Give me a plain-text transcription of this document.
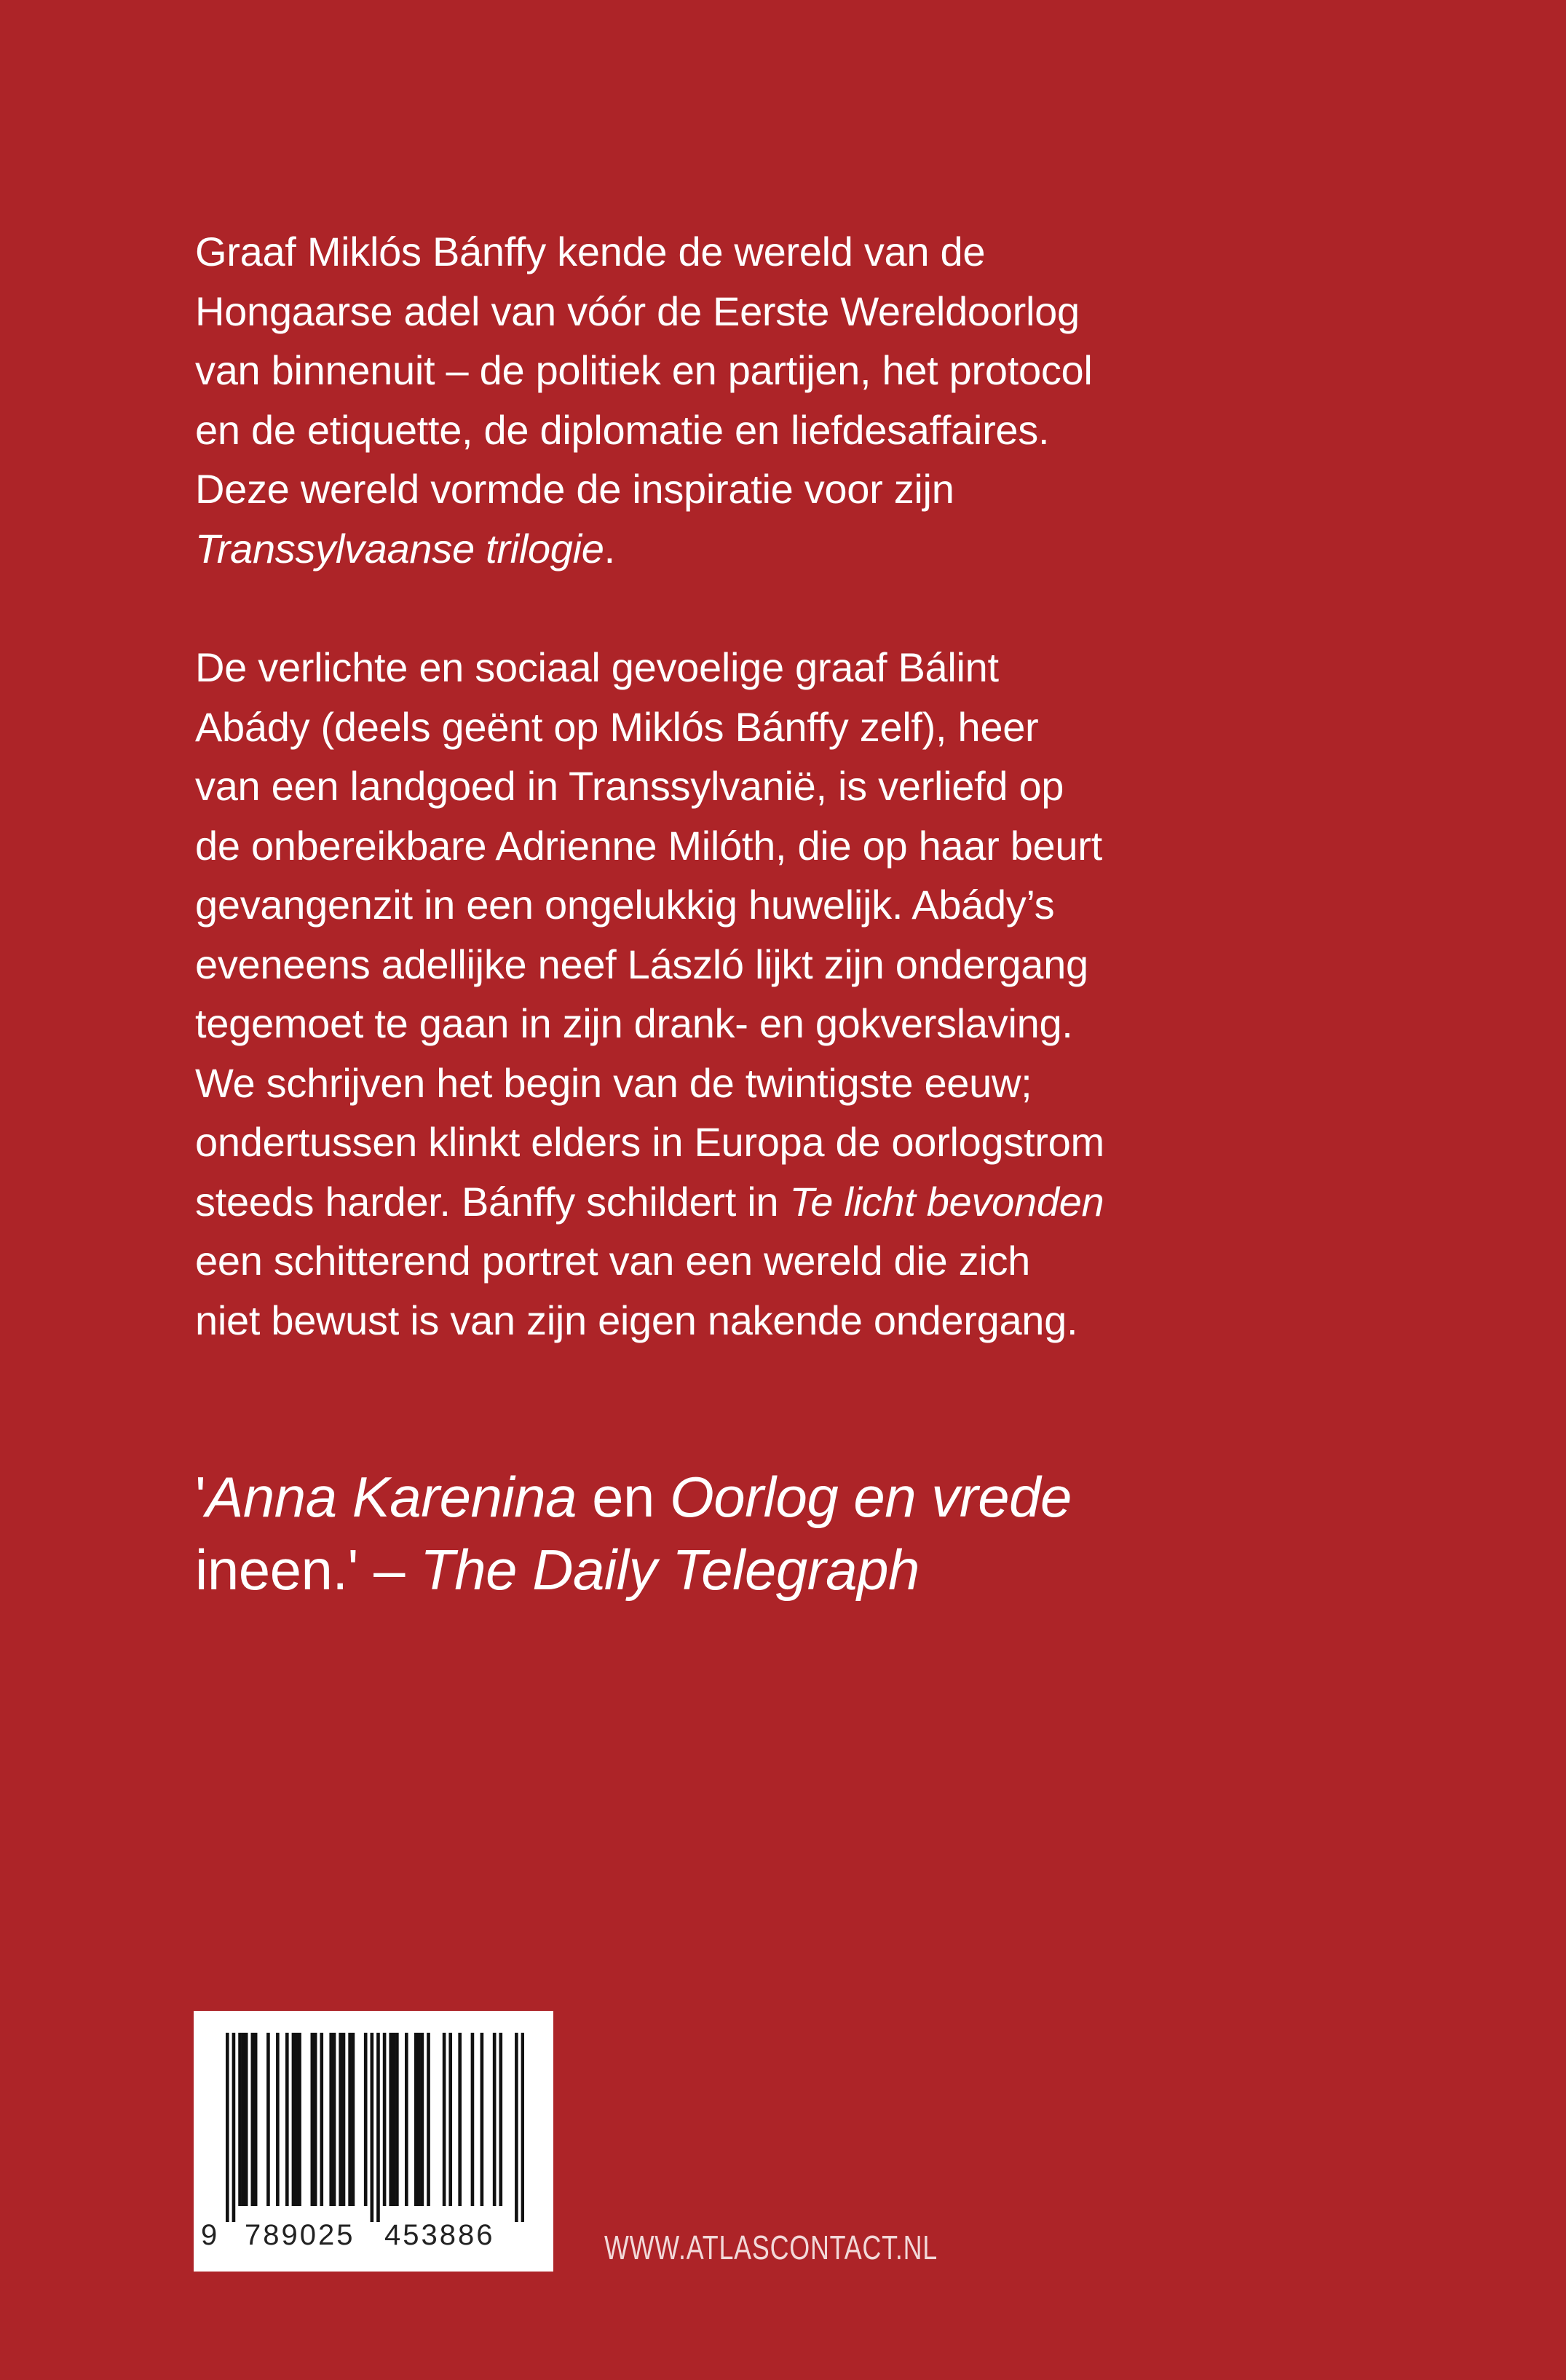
Graaf Miklós Bánffy kende de wereld van de
Hongaarse adel van vóór de Eerste Wereldoorlog
van binnenuit – de politiek en partijen, het protocol
en de etiquette, de diplomatie en liefdesaffaires.
Deze wereld vormde de inspiratie voor zijn
Transsylvaanse trilogie.
De verlichte en sociaal gevoelige graaf Bálint
Abády (deels geënt op Miklós Bánffy zelf), heer
van een landgoed in Transsylvanië, is verliefd op
de onbereikbare Adrienne Milóth, die op haar beurt
gevangenzit in een ongelukkig huwelijk. Abády’s
eveneens adellijke neef László lijkt zijn ondergang
tegemoet te gaan in zijn drank- en gokverslaving.
We schrijven het begin van de twintigste eeuw;
ondertussen klinkt elders in Europa de oorlogstrom
steeds harder. Bánffy schildert in Te licht bevonden
een schitterend portret van een wereld die zich
niet bewust is van zijn eigen nakende ondergang.
'Anna Karenina en Oorlog en vrede
ineen.' – The Daily Telegraph
9 789025 453886	WWW.ATLASCONTACT.NL
